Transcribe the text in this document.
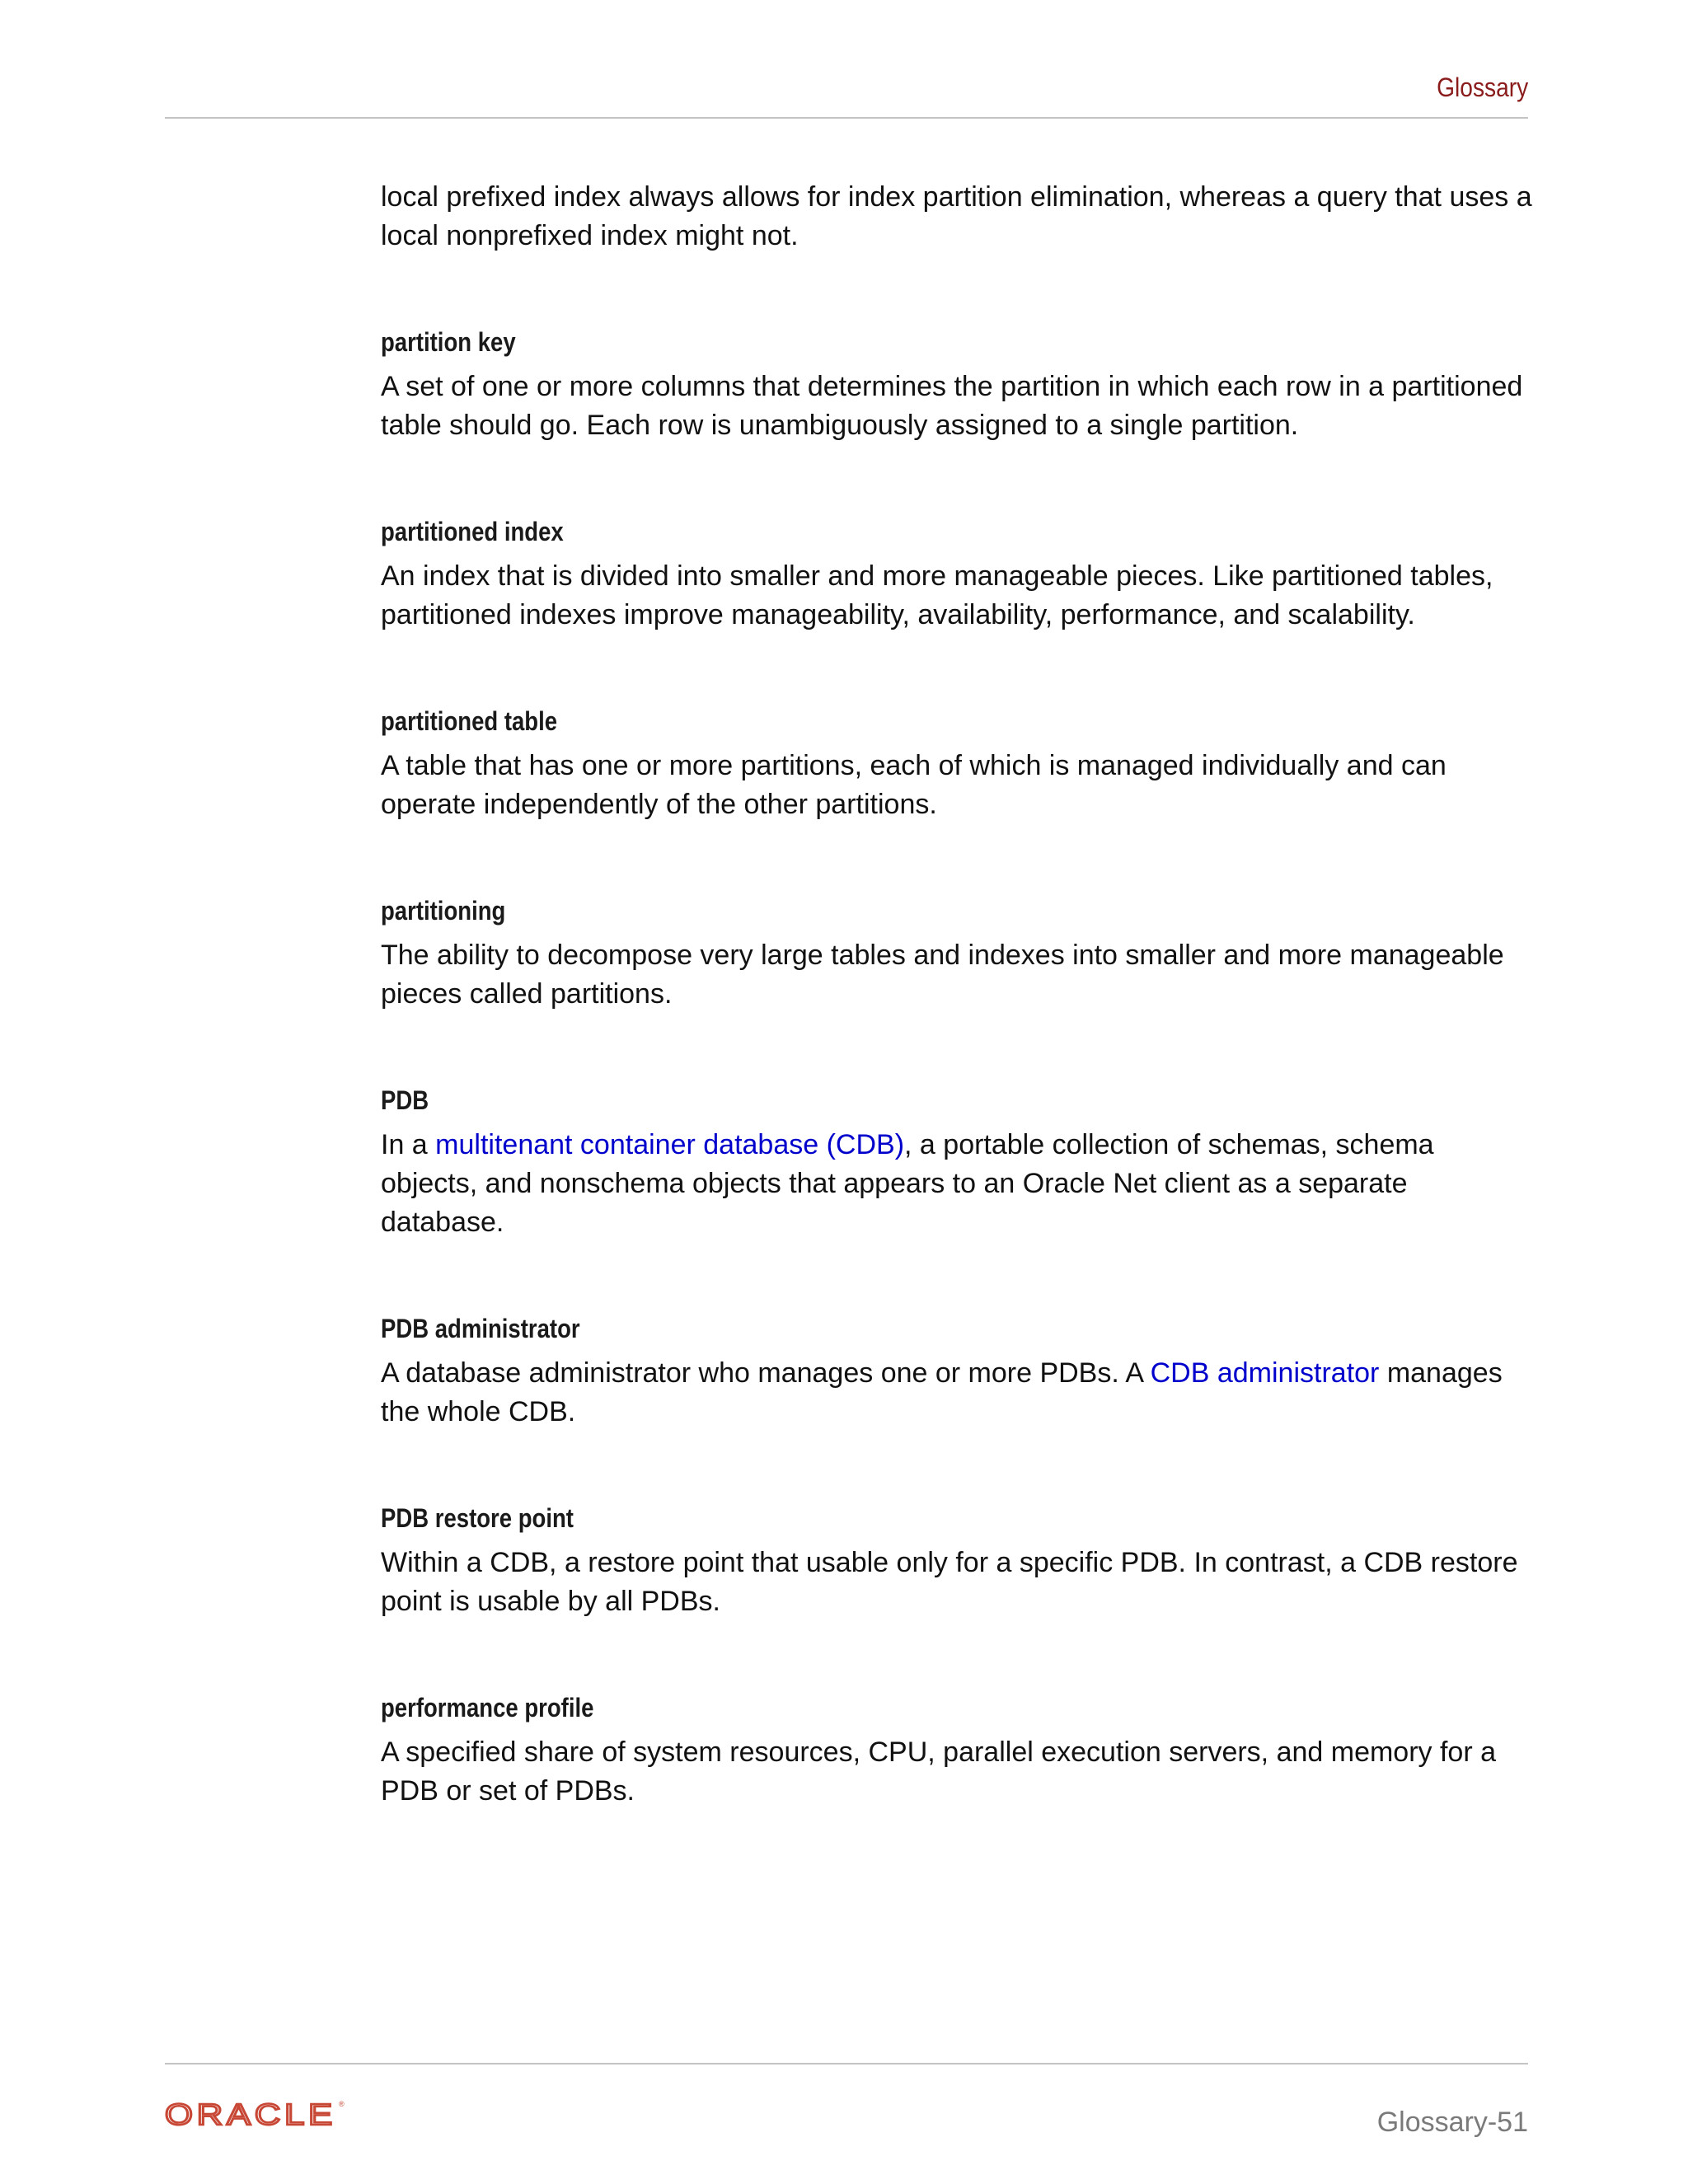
Glossary

local prefixed index always allows for index partition elimination, whereas a query that uses a local nonprefixed index might not.

partition key

A set of one or more columns that determines the partition in which each row in a partitioned table should go. Each row is unambiguously assigned to a single partition.

partitioned index

An index that is divided into smaller and more manageable pieces. Like partitioned tables, partitioned indexes improve manageability, availability, performance, and scalability.

partitioned table

A table that has one or more partitions, each of which is managed individually and can operate independently of the other partitions.

partitioning

The ability to decompose very large tables and indexes into smaller and more manageable pieces called partitions.

PDB

In a multitenant container database (CDB), a portable collection of schemas, schema objects, and nonschema objects that appears to an Oracle Net client as a separate database.

PDB administrator

A database administrator who manages one or more PDBs. A CDB administrator manages the whole CDB.

PDB restore point

Within a CDB, a restore point that usable only for a specific PDB. In contrast, a CDB restore point is usable by all PDBs.

performance profile

A specified share of system resources, CPU, parallel execution servers, and memory for a PDB or set of PDBs.

ORACLE ®
Glossary-51
